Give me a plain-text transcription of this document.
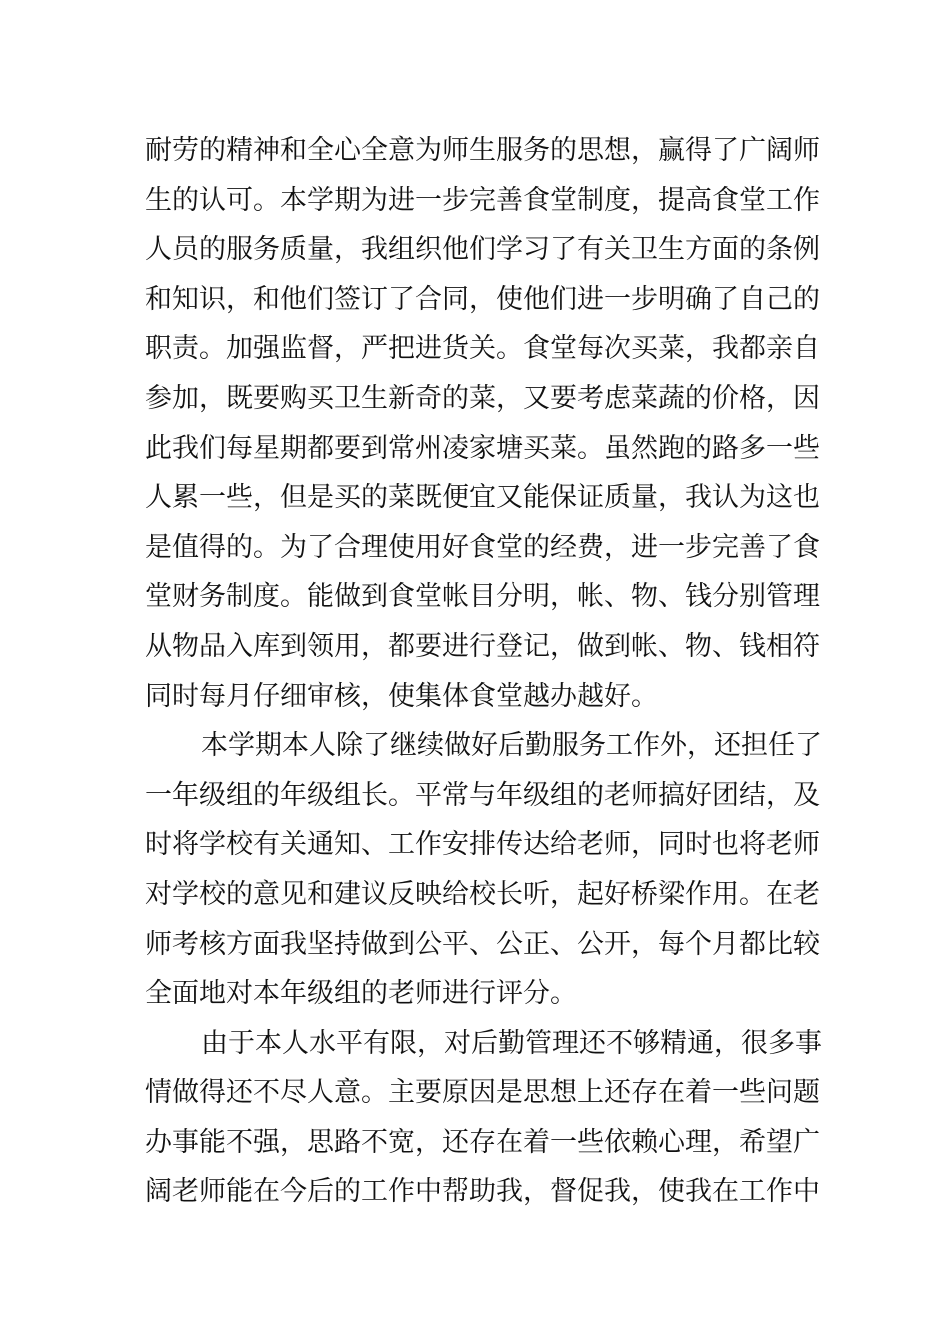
耐劳的精神和全心全意为师生服务的思想，赢得了广阔师
生的认可。本学期为进一步完善食堂制度，提高食堂工作
人员的服务质量，我组织他们学习了有关卫生方面的条例
和知识，和他们签订了合同，使他们进一步明确了自己的
职责。加强监督，严把进货关。食堂每次买菜，我都亲自
参加，既要购买卫生新奇的菜，又要考虑菜蔬的价格，因
此我们每星期都要到常州凌家塘买菜。虽然跑的路多一些
人累一些，但是买的菜既便宜又能保证质量，我认为这也
是值得的。为了合理使用好食堂的经费，进一步完善了食
堂财务制度。能做到食堂帐目分明，帐、物、钱分别管理
从物品入库到领用，都要进行登记，做到帐、物、钱相符
同时每月仔细审核，使集体食堂越办越好。
本学期本人除了继续做好后勤服务工作外，还担任了
一年级组的年级组长。平常与年级组的老师搞好团结，及
时将学校有关通知、工作安排传达给老师，同时也将老师
对学校的意见和建议反映给校长听，起好桥梁作用。在老
师考核方面我坚持做到公平、公正、公开，每个月都比较
全面地对本年级组的老师进行评分。
由于本人水平有限，对后勤管理还不够精通，很多事
情做得还不尽人意。主要原因是思想上还存在着一些问题
办事能不强，思路不宽，还存在着一些依赖心理，希望广
阔老师能在今后的工作中帮助我，督促我，使我在工作中
